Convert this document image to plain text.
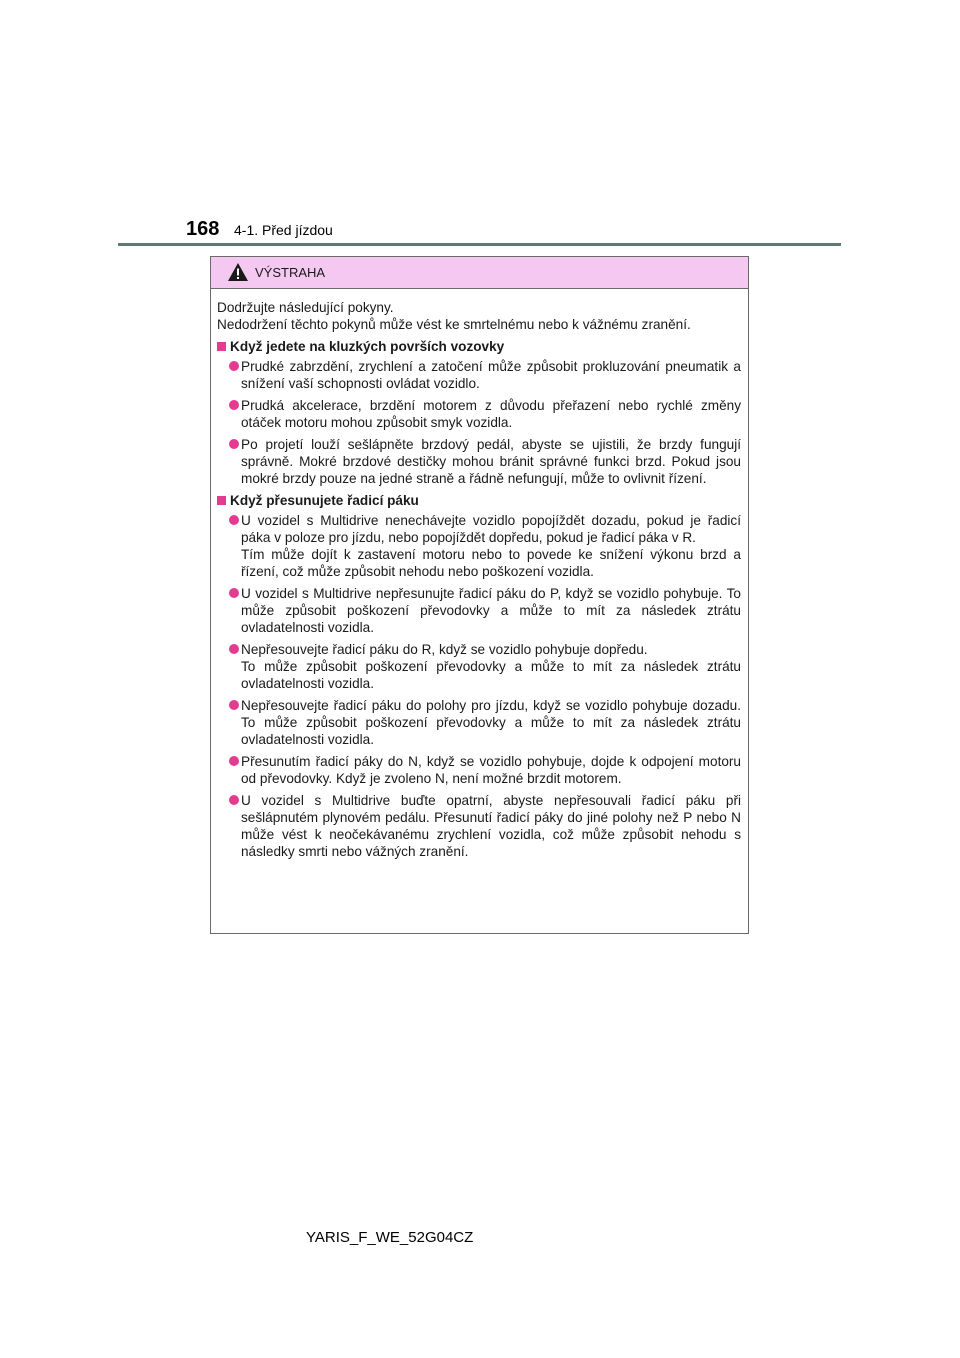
168 4-1. Před jízdou
VÝSTRAHA

Dodržujte následující pokyny.

Nedodržení těchto pokynů může vést ke smrtelnému nebo k vážnému zranění.

Když jedete na kluzkých površích vozovky
Prudké zabrzdění, zrychlení a zatočení může způsobit prokluzování pneumatik a snížení vaší schopnosti ovládat vozidlo.
Prudká akcelerace, brzdění motorem z důvodu přeřazení nebo rychlé změny otáček motoru mohou způsobit smyk vozidla.
Po projetí louží sešlápněte brzdový pedál, abyste se ujistili, že brzdy fungují správně. Mokré brzdové destičky mohou bránit správné funkci brzd. Pokud jsou mokré brzdy pouze na jedné straně a řádně nefungují, může to ovlivnit řízení.
Když přesunujete řadicí páku
U vozidel s Multidrive nenechávejte vozidlo popojíždět dozadu, pokud je řadicí páka v poloze pro jízdu, nebo popojíždět dopředu, pokud je řadicí páka v R.
Tím může dojít k zastavení motoru nebo to povede ke snížení výkonu brzd a řízení, což může způsobit nehodu nebo poškození vozidla.
U vozidel s Multidrive nepřesunujte řadicí páku do P, když se vozidlo pohybuje. To může způsobit poškození převodovky a může to mít za následek ztrátu ovladatelnosti vozidla.
Nepřesouvejte řadicí páku do R, když se vozidlo pohybuje dopředu.
To může způsobit poškození převodovky a může to mít za následek ztrátu ovladatelnosti vozidla.
Nepřesouvejte řadicí páku do polohy pro jízdu, když se vozidlo pohybuje dozadu. To může způsobit poškození převodovky a může to mít za následek ztrátu ovladatelnosti vozidla.
Přesunutím řadicí páky do N, když se vozidlo pohybuje, dojde k odpojení motoru od převodovky. Když je zvoleno N, není možné brzdit motorem.
U vozidel s Multidrive buďte opatrní, abyste nepřesouvali řadicí páku při sešlápnutém plynovém pedálu. Přesunutí řadicí páky do jiné polohy než P nebo N může vést k neočekávanému zrychlení vozidla, což může způsobit nehodu s následky smrti nebo vážných zranění.
YARIS_F_WE_52G04CZ
